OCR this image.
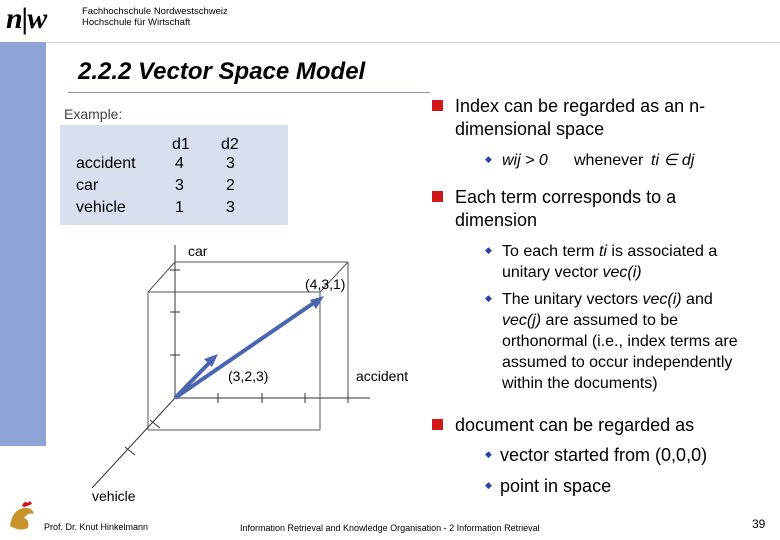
n|w	Fachhochschule Nordwestschweiz
Hochschule für Wirtschaft
2.2.2 Vector Space Model
Example:
d1 d2
accident 4	3
car	3	2
vehicle	1	3
car
(4,3,1)
(3,2,3)	accident
vehicle
Index can be regarded as an n-
dimensional space
◆ wij > 0 whenever ti ∈ dj
Each term corresponds to a
dimension
◆ To each term ti is associated a
unitary vector vec(i)
◆ The unitary vectors vec(i) and
vec(j) are assumed to be
orthonormal (i.e., index terms are
assumed to occur independently
within the documents)
document can be regarded as
◆ vector started from (0,0,0)
◆ point in space
Prof. Dr. Knut Hinkelmann	Information Retrieval and Knowledge Organisation - 2 Information Retrieval	39
